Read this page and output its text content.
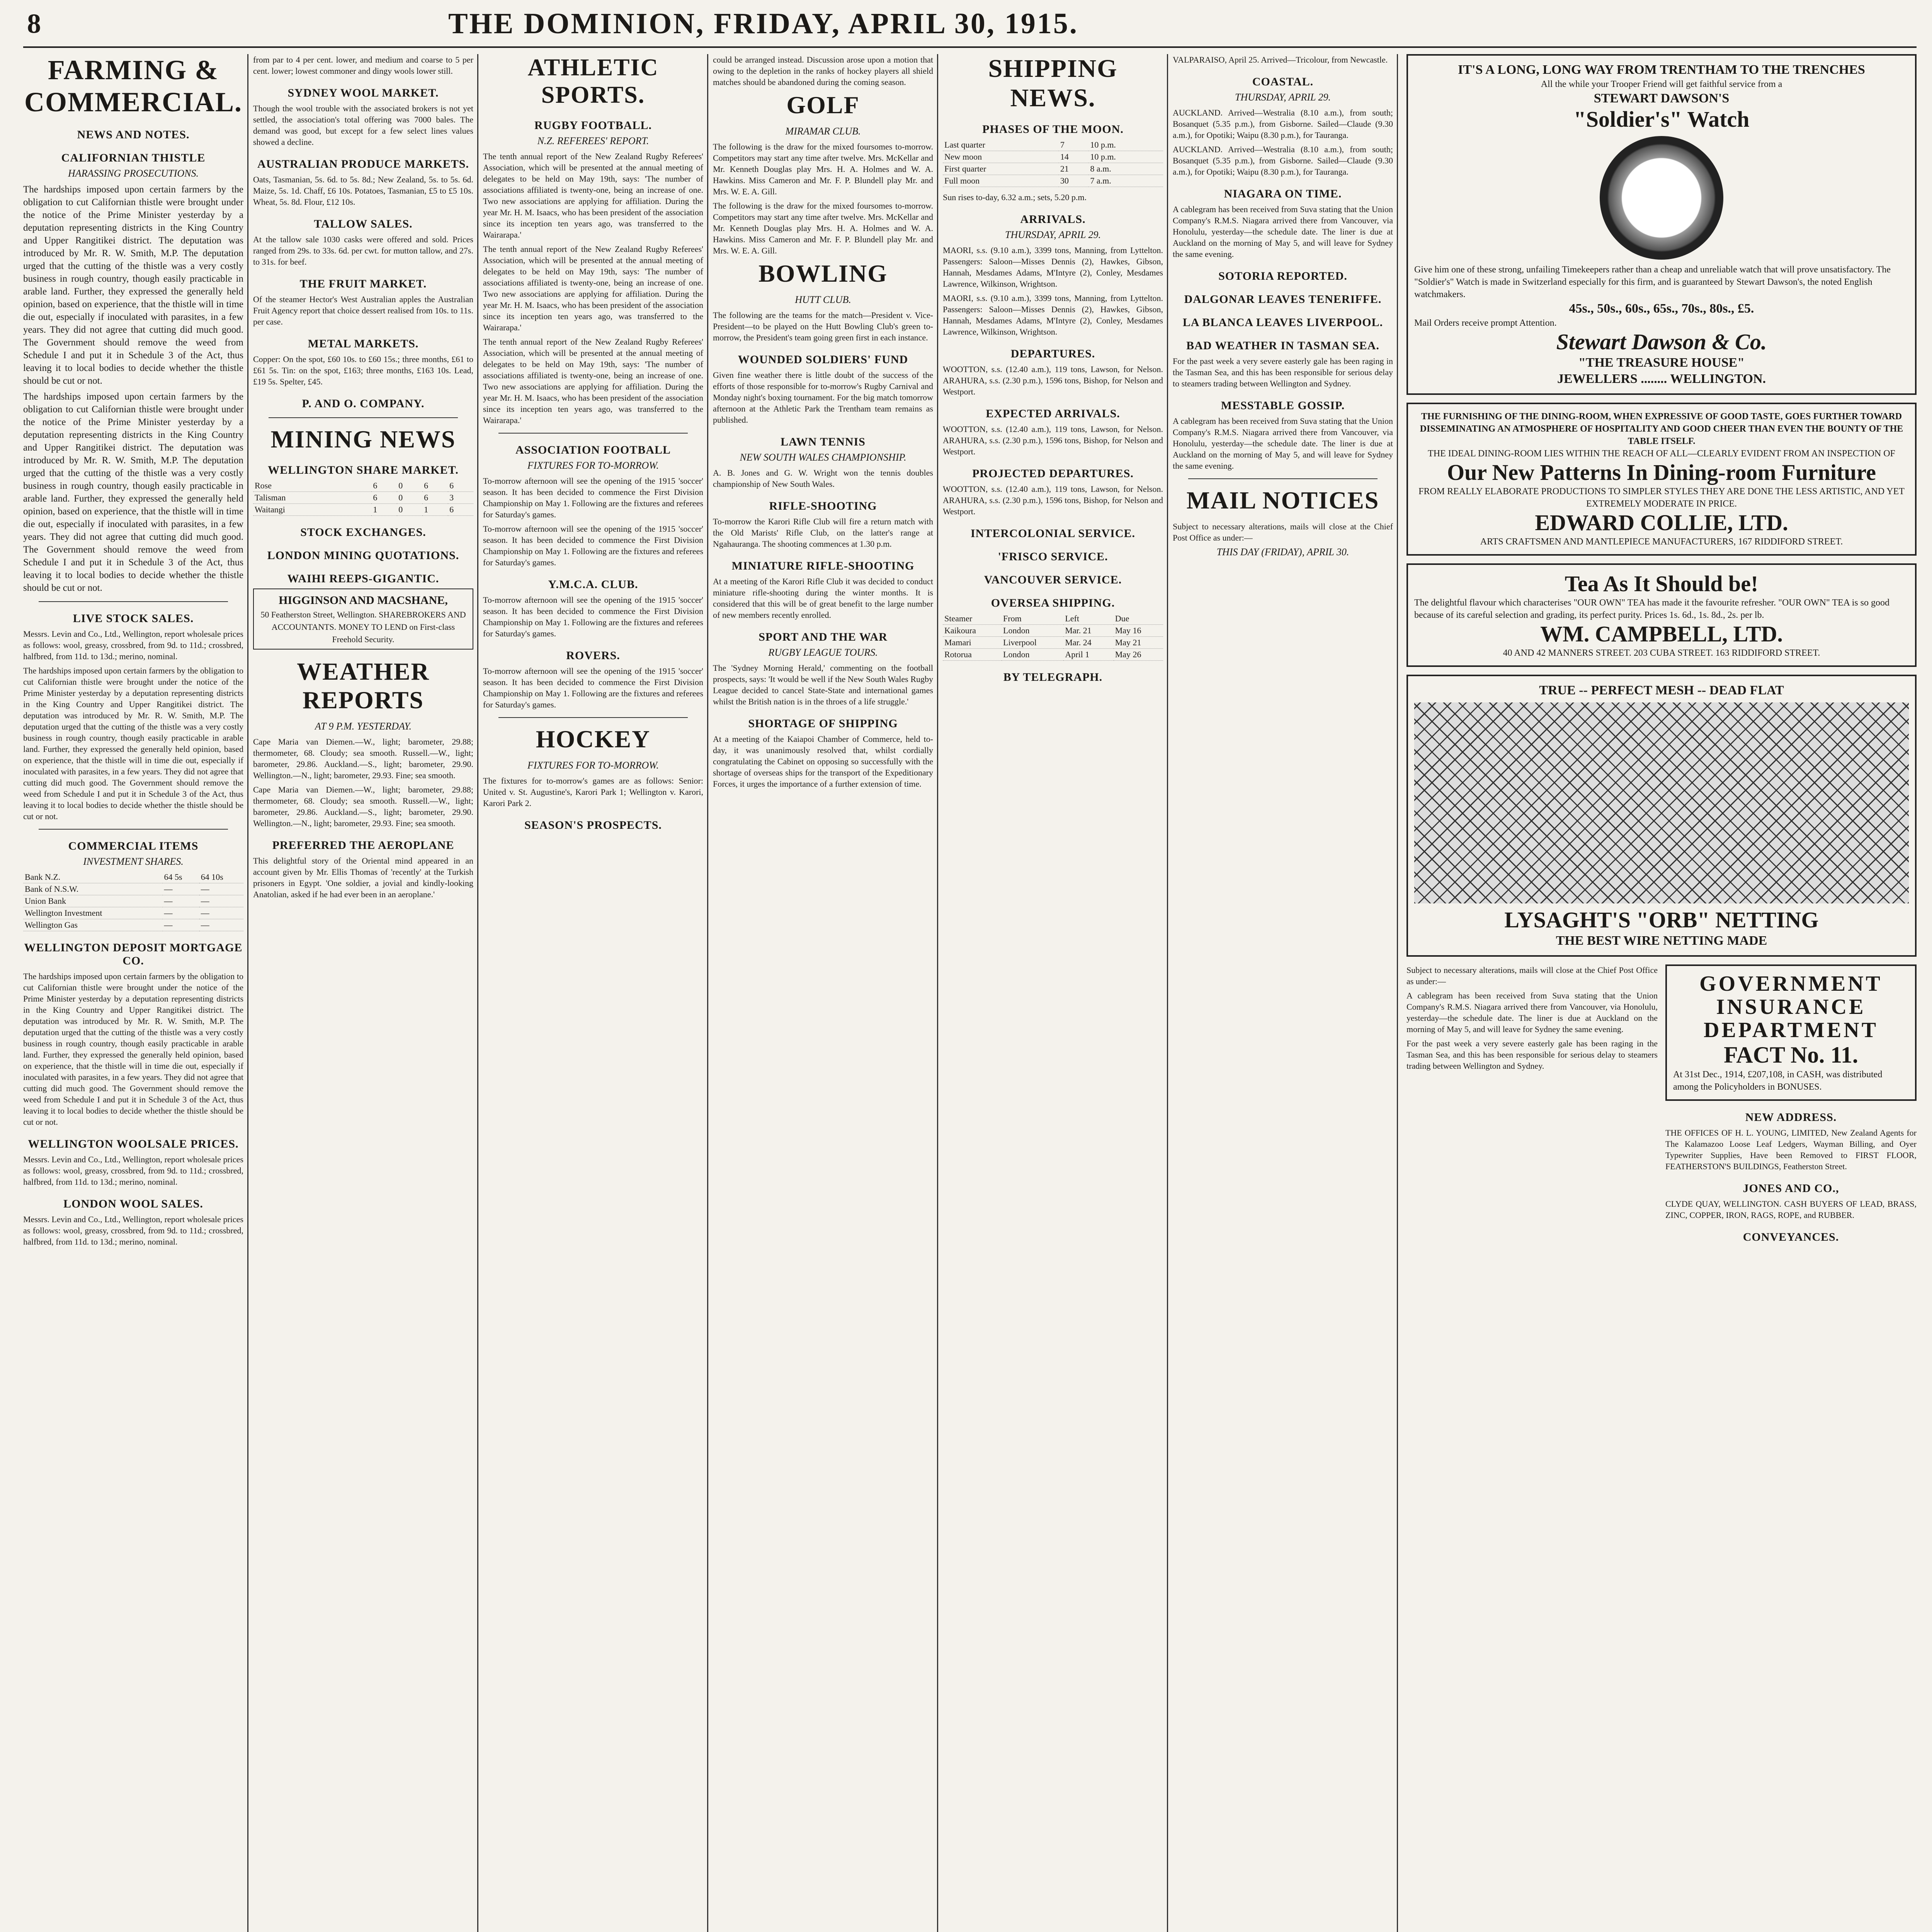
8	THE DOMINION, FRIDAY, APRIL 30, 1915.
FARMING & COMMERCIAL.
NEWS AND NOTES.
CALIFORNIAN THISTLE
HARASSING PROSECUTIONS.

The hardships imposed upon certain farmers by the obligation to cut Californian thistle were brought under the notice of the Prime Minister yesterday by a deputation representing districts in the King Country and Upper Rangitikei district. The deputation was introduced by Mr. R. W. Smith, M.P. The deputation urged that the cutting of the thistle was a very costly business in rough country, though easily practicable in arable land. Further, they expressed the generally held opinion, based on experience, that the thistle will in time die out, especially if inoculated with parasites, in a few years. They did not agree that cutting did much good. The Government should remove the weed from Schedule I and put it in Schedule 3 of the Act, thus leaving it to local bodies to decide whether the thistle should be cut or not.

The hardships imposed upon certain farmers by the obligation to cut Californian thistle were brought under the notice of the Prime Minister yesterday by a deputation representing districts in the King Country and Upper Rangitikei district. The deputation was introduced by Mr. R. W. Smith, M.P. The deputation urged that the cutting of the thistle was a very costly business in rough country, though easily practicable in arable land. Further, they expressed the generally held opinion, based on experience, that the thistle will in time die out, especially if inoculated with parasites, in a few years. They did not agree that cutting did much good. The Government should remove the weed from Schedule I and put it in Schedule 3 of the Act, thus leaving it to local bodies to decide whether the thistle should be cut or not.

LIVE STOCK SALES.

Messrs. Levin and Co., Ltd., Wellington, report wholesale prices as follows: wool, greasy, crossbred, from 9d. to 11d.; crossbred, halfbred, from 11d. to 13d.; merino, nominal.

The hardships imposed upon certain farmers by the obligation to cut Californian thistle were brought under the notice of the Prime Minister yesterday by a deputation representing districts in the King Country and Upper Rangitikei district. The deputation was introduced by Mr. R. W. Smith, M.P. The deputation urged that the cutting of the thistle was a very costly business in rough country, though easily practicable in arable land. Further, they expressed the generally held opinion, based on experience, that the thistle will in time die out, especially if inoculated with parasites, in a few years. They did not agree that cutting did much good. The Government should remove the weed from Schedule I and put it in Schedule 3 of the Act, thus leaving it to local bodies to decide whether the thistle should be cut or not.

COMMERCIAL ITEMS
INVESTMENT SHARES.
Bank N.Z.	64 5s	64 10s
Bank of N.S.W.	—	—
Union Bank	—	—
Wellington Investment	—	—
Wellington Gas	—	—
WELLINGTON DEPOSIT MORTGAGE CO.

The hardships imposed upon certain farmers by the obligation to cut Californian thistle were brought under the notice of the Prime Minister yesterday by a deputation representing districts in the King Country and Upper Rangitikei district. The deputation was introduced by Mr. R. W. Smith, M.P. The deputation urged that the cutting of the thistle was a very costly business in rough country, though easily practicable in arable land. Further, they expressed the generally held opinion, based on experience, that the thistle will in time die out, especially if inoculated with parasites, in a few years. They did not agree that cutting did much good. The Government should remove the weed from Schedule I and put it in Schedule 3 of the Act, thus leaving it to local bodies to decide whether the thistle should be cut or not.

WELLINGTON WOOLSALE PRICES.

Messrs. Levin and Co., Ltd., Wellington, report wholesale prices as follows: wool, greasy, crossbred, from 9d. to 11d.; crossbred, halfbred, from 11d. to 13d.; merino, nominal.

LONDON WOOL SALES.

Messrs. Levin and Co., Ltd., Wellington, report wholesale prices as follows: wool, greasy, crossbred, from 9d. to 11d.; crossbred, halfbred, from 11d. to 13d.; merino, nominal.

from par to 4 per cent. lower, and medium and coarse to 5 per cent. lower; lowest commoner and dingy wools lower still.

SYDNEY WOOL MARKET.

Though the wool trouble with the associated brokers is not yet settled, the association's total offering was 7000 bales. The demand was good, but except for a few select lines values showed a decline.

AUSTRALIAN PRODUCE MARKETS.

Oats, Tasmanian, 5s. 6d. to 5s. 8d.; New Zealand, 5s. to 5s. 6d. Maize, 5s. 1d. Chaff, £6 10s. Potatoes, Tasmanian, £5 to £5 10s. Wheat, 5s. 8d. Flour, £12 10s.

TALLOW SALES.

At the tallow sale 1030 casks were offered and sold. Prices ranged from 29s. to 33s. 6d. per cwt. for mutton tallow, and 27s. to 31s. for beef.

THE FRUIT MARKET.

Of the steamer Hector's West Australian apples the Australian Fruit Agency report that choice dessert realised from 10s. to 11s. per case.

METAL MARKETS.

Copper: On the spot, £60 10s. to £60 15s.; three months, £61 to £61 5s. Tin: on the spot, £163; three months, £163 10s. Lead, £19 5s. Spelter, £45.

P. AND O. COMPANY.
MINING NEWS
WELLINGTON SHARE MARKET.
Rose	6	0	6	6
Talisman	6	0	6	3
Waitangi	1	0	1	6
STOCK EXCHANGES.
LONDON MINING QUOTATIONS.
WAIHI REEPS-GIGANTIC.
HIGGINSON AND MACSHANE,
50 Featherston Street, Wellington. SHAREBROKERS AND ACCOUNTANTS. MONEY TO LEND on First-class Freehold Security.
WEATHER REPORTS
AT 9 P.M. YESTERDAY.

Cape Maria van Diemen.—W., light; barometer, 29.88; thermometer, 68. Cloudy; sea smooth. Russell.—W., light; barometer, 29.86. Auckland.—S., light; barometer, 29.90. Wellington.—N., light; barometer, 29.93. Fine; sea smooth.

Cape Maria van Diemen.—W., light; barometer, 29.88; thermometer, 68. Cloudy; sea smooth. Russell.—W., light; barometer, 29.86. Auckland.—S., light; barometer, 29.90. Wellington.—N., light; barometer, 29.93. Fine; sea smooth.

PREFERRED THE AEROPLANE

This delightful story of the Oriental mind appeared in an account given by Mr. Ellis Thomas of 'recently' at the Turkish prisoners in Egypt. 'One soldier, a jovial and kindly-looking Anatolian, asked if he had ever been in an aeroplane.'

ATHLETIC SPORTS.
RUGBY FOOTBALL.
N.Z. REFEREES' REPORT.

The tenth annual report of the New Zealand Rugby Referees' Association, which will be presented at the annual meeting of delegates to be held on May 19th, says: 'The number of associations affiliated is twenty-one, being an increase of one. Two new associations are applying for affiliation. During the year Mr. H. M. Isaacs, who has been president of the association since its inception ten years ago, was transferred to the Wairarapa.'

The tenth annual report of the New Zealand Rugby Referees' Association, which will be presented at the annual meeting of delegates to be held on May 19th, says: 'The number of associations affiliated is twenty-one, being an increase of one. Two new associations are applying for affiliation. During the year Mr. H. M. Isaacs, who has been president of the association since its inception ten years ago, was transferred to the Wairarapa.'

The tenth annual report of the New Zealand Rugby Referees' Association, which will be presented at the annual meeting of delegates to be held on May 19th, says: 'The number of associations affiliated is twenty-one, being an increase of one. Two new associations are applying for affiliation. During the year Mr. H. M. Isaacs, who has been president of the association since its inception ten years ago, was transferred to the Wairarapa.'

ASSOCIATION FOOTBALL
FIXTURES FOR TO-MORROW.

To-morrow afternoon will see the opening of the 1915 'soccer' season. It has been decided to commence the First Division Championship on May 1. Following are the fixtures and referees for Saturday's games.

To-morrow afternoon will see the opening of the 1915 'soccer' season. It has been decided to commence the First Division Championship on May 1. Following are the fixtures and referees for Saturday's games.

Y.M.C.A. CLUB.

To-morrow afternoon will see the opening of the 1915 'soccer' season. It has been decided to commence the First Division Championship on May 1. Following are the fixtures and referees for Saturday's games.

ROVERS.

To-morrow afternoon will see the opening of the 1915 'soccer' season. It has been decided to commence the First Division Championship on May 1. Following are the fixtures and referees for Saturday's games.

HOCKEY
FIXTURES FOR TO-MORROW.

The fixtures for to-morrow's games are as follows: Senior: United v. St. Augustine's, Karori Park 1; Wellington v. Karori, Karori Park 2.

SEASON'S PROSPECTS.

could be arranged instead. Discussion arose upon a motion that owing to the depletion in the ranks of hockey players all shield matches should be abandoned during the coming season.

GOLF
MIRAMAR CLUB.

The following is the draw for the mixed foursomes to-morrow. Competitors may start any time after twelve. Mrs. McKellar and Mr. Kenneth Douglas play Mrs. H. A. Holmes and W. A. Hawkins. Miss Cameron and Mr. F. P. Blundell play Mr. and Mrs. W. E. A. Gill.

The following is the draw for the mixed foursomes to-morrow. Competitors may start any time after twelve. Mrs. McKellar and Mr. Kenneth Douglas play Mrs. H. A. Holmes and W. A. Hawkins. Miss Cameron and Mr. F. P. Blundell play Mr. and Mrs. W. E. A. Gill.

BOWLING
HUTT CLUB.

The following are the teams for the match—President v. Vice-President—to be played on the Hutt Bowling Club's green to-morrow, the President's team going green first in each instance.

WOUNDED SOLDIERS' FUND

Given fine weather there is little doubt of the success of the efforts of those responsible for to-morrow's Rugby Carnival and Monday night's boxing tournament. For the big match tomorrow afternoon at the Athletic Park the Trentham team remains as published.

LAWN TENNIS
NEW SOUTH WALES CHAMPIONSHIP.

A. B. Jones and G. W. Wright won the tennis doubles championship of New South Wales.

RIFLE-SHOOTING

To-morrow the Karori Rifle Club will fire a return match with the Old Marists' Rifle Club, on the latter's range at Ngahauranga. The shooting commences at 1.30 p.m.

MINIATURE RIFLE-SHOOTING

At a meeting of the Karori Rifle Club it was decided to conduct miniature rifle-shooting during the winter months. It is considered that this will be of great benefit to the large number of new members recently enrolled.

SPORT AND THE WAR
RUGBY LEAGUE TOURS.

The 'Sydney Morning Herald,' commenting on the football prospects, says: 'It would be well if the New South Wales Rugby League decided to cancel State-State and international games whilst the British nation is in the throes of a life struggle.'

SHORTAGE OF SHIPPING

At a meeting of the Kaiapoi Chamber of Commerce, held to-day, it was unanimously resolved that, whilst cordially congratulating the Cabinet on opposing so successfully with the shortage of overseas ships for the transport of the Expeditionary Forces, it urges the importance of a further extension of time.

SHIPPING NEWS.
PHASES OF THE MOON.
Last quarter	7	10 p.m.
New moon	14	10 p.m.
First quarter	21	8 a.m.
Full moon	30	7 a.m.

Sun rises to-day, 6.32 a.m.; sets, 5.20 p.m.

ARRIVALS.
THURSDAY, APRIL 29.

MAORI, s.s. (9.10 a.m.), 3399 tons, Manning, from Lyttelton. Passengers: Saloon—Misses Dennis (2), Hawkes, Gibson, Hannah, Mesdames Adams, M'Intyre (2), Conley, Mesdames Lawrence, Wilkinson, Wrightson.

MAORI, s.s. (9.10 a.m.), 3399 tons, Manning, from Lyttelton. Passengers: Saloon—Misses Dennis (2), Hawkes, Gibson, Hannah, Mesdames Adams, M'Intyre (2), Conley, Mesdames Lawrence, Wilkinson, Wrightson.

DEPARTURES.

WOOTTON, s.s. (12.40 a.m.), 119 tons, Lawson, for Nelson. ARAHURA, s.s. (2.30 p.m.), 1596 tons, Bishop, for Nelson and Westport.

EXPECTED ARRIVALS.

WOOTTON, s.s. (12.40 a.m.), 119 tons, Lawson, for Nelson. ARAHURA, s.s. (2.30 p.m.), 1596 tons, Bishop, for Nelson and Westport.

PROJECTED DEPARTURES.

WOOTTON, s.s. (12.40 a.m.), 119 tons, Lawson, for Nelson. ARAHURA, s.s. (2.30 p.m.), 1596 tons, Bishop, for Nelson and Westport.

INTERCOLONIAL SERVICE.
'FRISCO SERVICE.
VANCOUVER SERVICE.
OVERSEA SHIPPING.
Steamer	From	Left	Due
Kaikoura	London	Mar. 21	May 16
Mamari	Liverpool	Mar. 24	May 21
Rotorua	London	April 1	May 26
BY TELEGRAPH.

VALPARAISO, April 25. Arrived—Tricolour, from Newcastle.

COASTAL.
THURSDAY, APRIL 29.

AUCKLAND. Arrived—Westralia (8.10 a.m.), from south; Bosanquet (5.35 p.m.), from Gisborne. Sailed—Claude (9.30 a.m.), for Opotiki; Waipu (8.30 p.m.), for Tauranga.

AUCKLAND. Arrived—Westralia (8.10 a.m.), from south; Bosanquet (5.35 p.m.), from Gisborne. Sailed—Claude (9.30 a.m.), for Opotiki; Waipu (8.30 p.m.), for Tauranga.

NIAGARA ON TIME.

A cablegram has been received from Suva stating that the Union Company's R.M.S. Niagara arrived there from Vancouver, via Honolulu, yesterday—the schedule date. The liner is due at Auckland on the morning of May 5, and will leave for Sydney the same evening.

SOTORIA REPORTED.
DALGONAR LEAVES TENERIFFE.
LA BLANCA LEAVES LIVERPOOL.
BAD WEATHER IN TASMAN SEA.

For the past week a very severe easterly gale has been raging in the Tasman Sea, and this has been responsible for serious delay to steamers trading between Wellington and Sydney.

MESSTABLE GOSSIP.

A cablegram has been received from Suva stating that the Union Company's R.M.S. Niagara arrived there from Vancouver, via Honolulu, yesterday—the schedule date. The liner is due at Auckland on the morning of May 5, and will leave for Sydney the same evening.

MAIL NOTICES

Subject to necessary alterations, mails will close at the Chief Post Office as under:—

THIS DAY (FRIDAY), APRIL 30.
IT'S A LONG, LONG WAY FROM TRENTHAM TO THE TRENCHES
All the while your Trooper Friend will get faithful service from a
STEWART DAWSON'S
"Soldier's" Watch
Give him one of these strong, unfailing Timekeepers rather than a cheap and unreliable watch that will prove unsatisfactory. The "Soldier's" Watch is made in Switzerland especially for this firm, and is guaranteed by Stewart Dawson's, the noted English watchmakers.
45s., 50s., 60s., 65s., 70s., 80s., £5.
Mail Orders receive prompt Attention.
Stewart Dawson & Co.
"THE TREASURE HOUSE"
JEWELLERS ........ WELLINGTON.
THE FURNISHING OF THE DINING-ROOM, WHEN EXPRESSIVE OF GOOD TASTE, GOES FURTHER TOWARD DISSEMINATING AN ATMOSPHERE OF HOSPITALITY AND GOOD CHEER THAN EVEN THE BOUNTY OF THE TABLE ITSELF.
THE IDEAL DINING-ROOM LIES WITHIN THE REACH OF ALL—CLEARLY EVIDENT FROM AN INSPECTION OF
Our New Patterns In Dining-room Furniture
FROM REALLY ELABORATE PRODUCTIONS TO SIMPLER STYLES THEY ARE DONE THE LESS ARTISTIC, AND YET EXTREMELY MODERATE IN PRICE.
EDWARD COLLIE, LTD.
ARTS CRAFTSMEN AND MANTLEPIECE MANUFACTURERS, 167 RIDDIFORD STREET.
Tea As It Should be!
The delightful flavour which characterises "OUR OWN" TEA has made it the favourite refresher. "OUR OWN" TEA is so good because of its careful selection and grading, its perfect purity. Prices 1s. 6d., 1s. 8d., 2s. per lb.
WM. CAMPBELL, LTD.
40 AND 42 MANNERS STREET. 203 CUBA STREET. 163 RIDDIFORD STREET.
TRUE -- PERFECT MESH -- DEAD FLAT
LYSAGHT'S "ORB" NETTING
THE BEST WIRE NETTING MADE

Subject to necessary alterations, mails will close at the Chief Post Office as under:—

A cablegram has been received from Suva stating that the Union Company's R.M.S. Niagara arrived there from Vancouver, via Honolulu, yesterday—the schedule date. The liner is due at Auckland on the morning of May 5, and will leave for Sydney the same evening.

For the past week a very severe easterly gale has been raging in the Tasman Sea, and this has been responsible for serious delay to steamers trading between Wellington and Sydney.

GOVERNMENT INSURANCE DEPARTMENT
FACT No. 11.
At 31st Dec., 1914, £207,108, in CASH, was distributed among the Policyholders in BONUSES.
NEW ADDRESS.

THE OFFICES OF H. L. YOUNG, LIMITED, New Zealand Agents for The Kalamazoo Loose Leaf Ledgers, Wayman Billing, and Oyer Typewriter Supplies, Have been Removed to FIRST FLOOR, FEATHERSTON'S BUILDINGS, Featherston Street.

JONES AND CO.,

CLYDE QUAY, WELLINGTON. CASH BUYERS OF LEAD, BRASS, ZINC, COPPER, IRON, RAGS, ROPE, and RUBBER.

CONVEYANCES.
